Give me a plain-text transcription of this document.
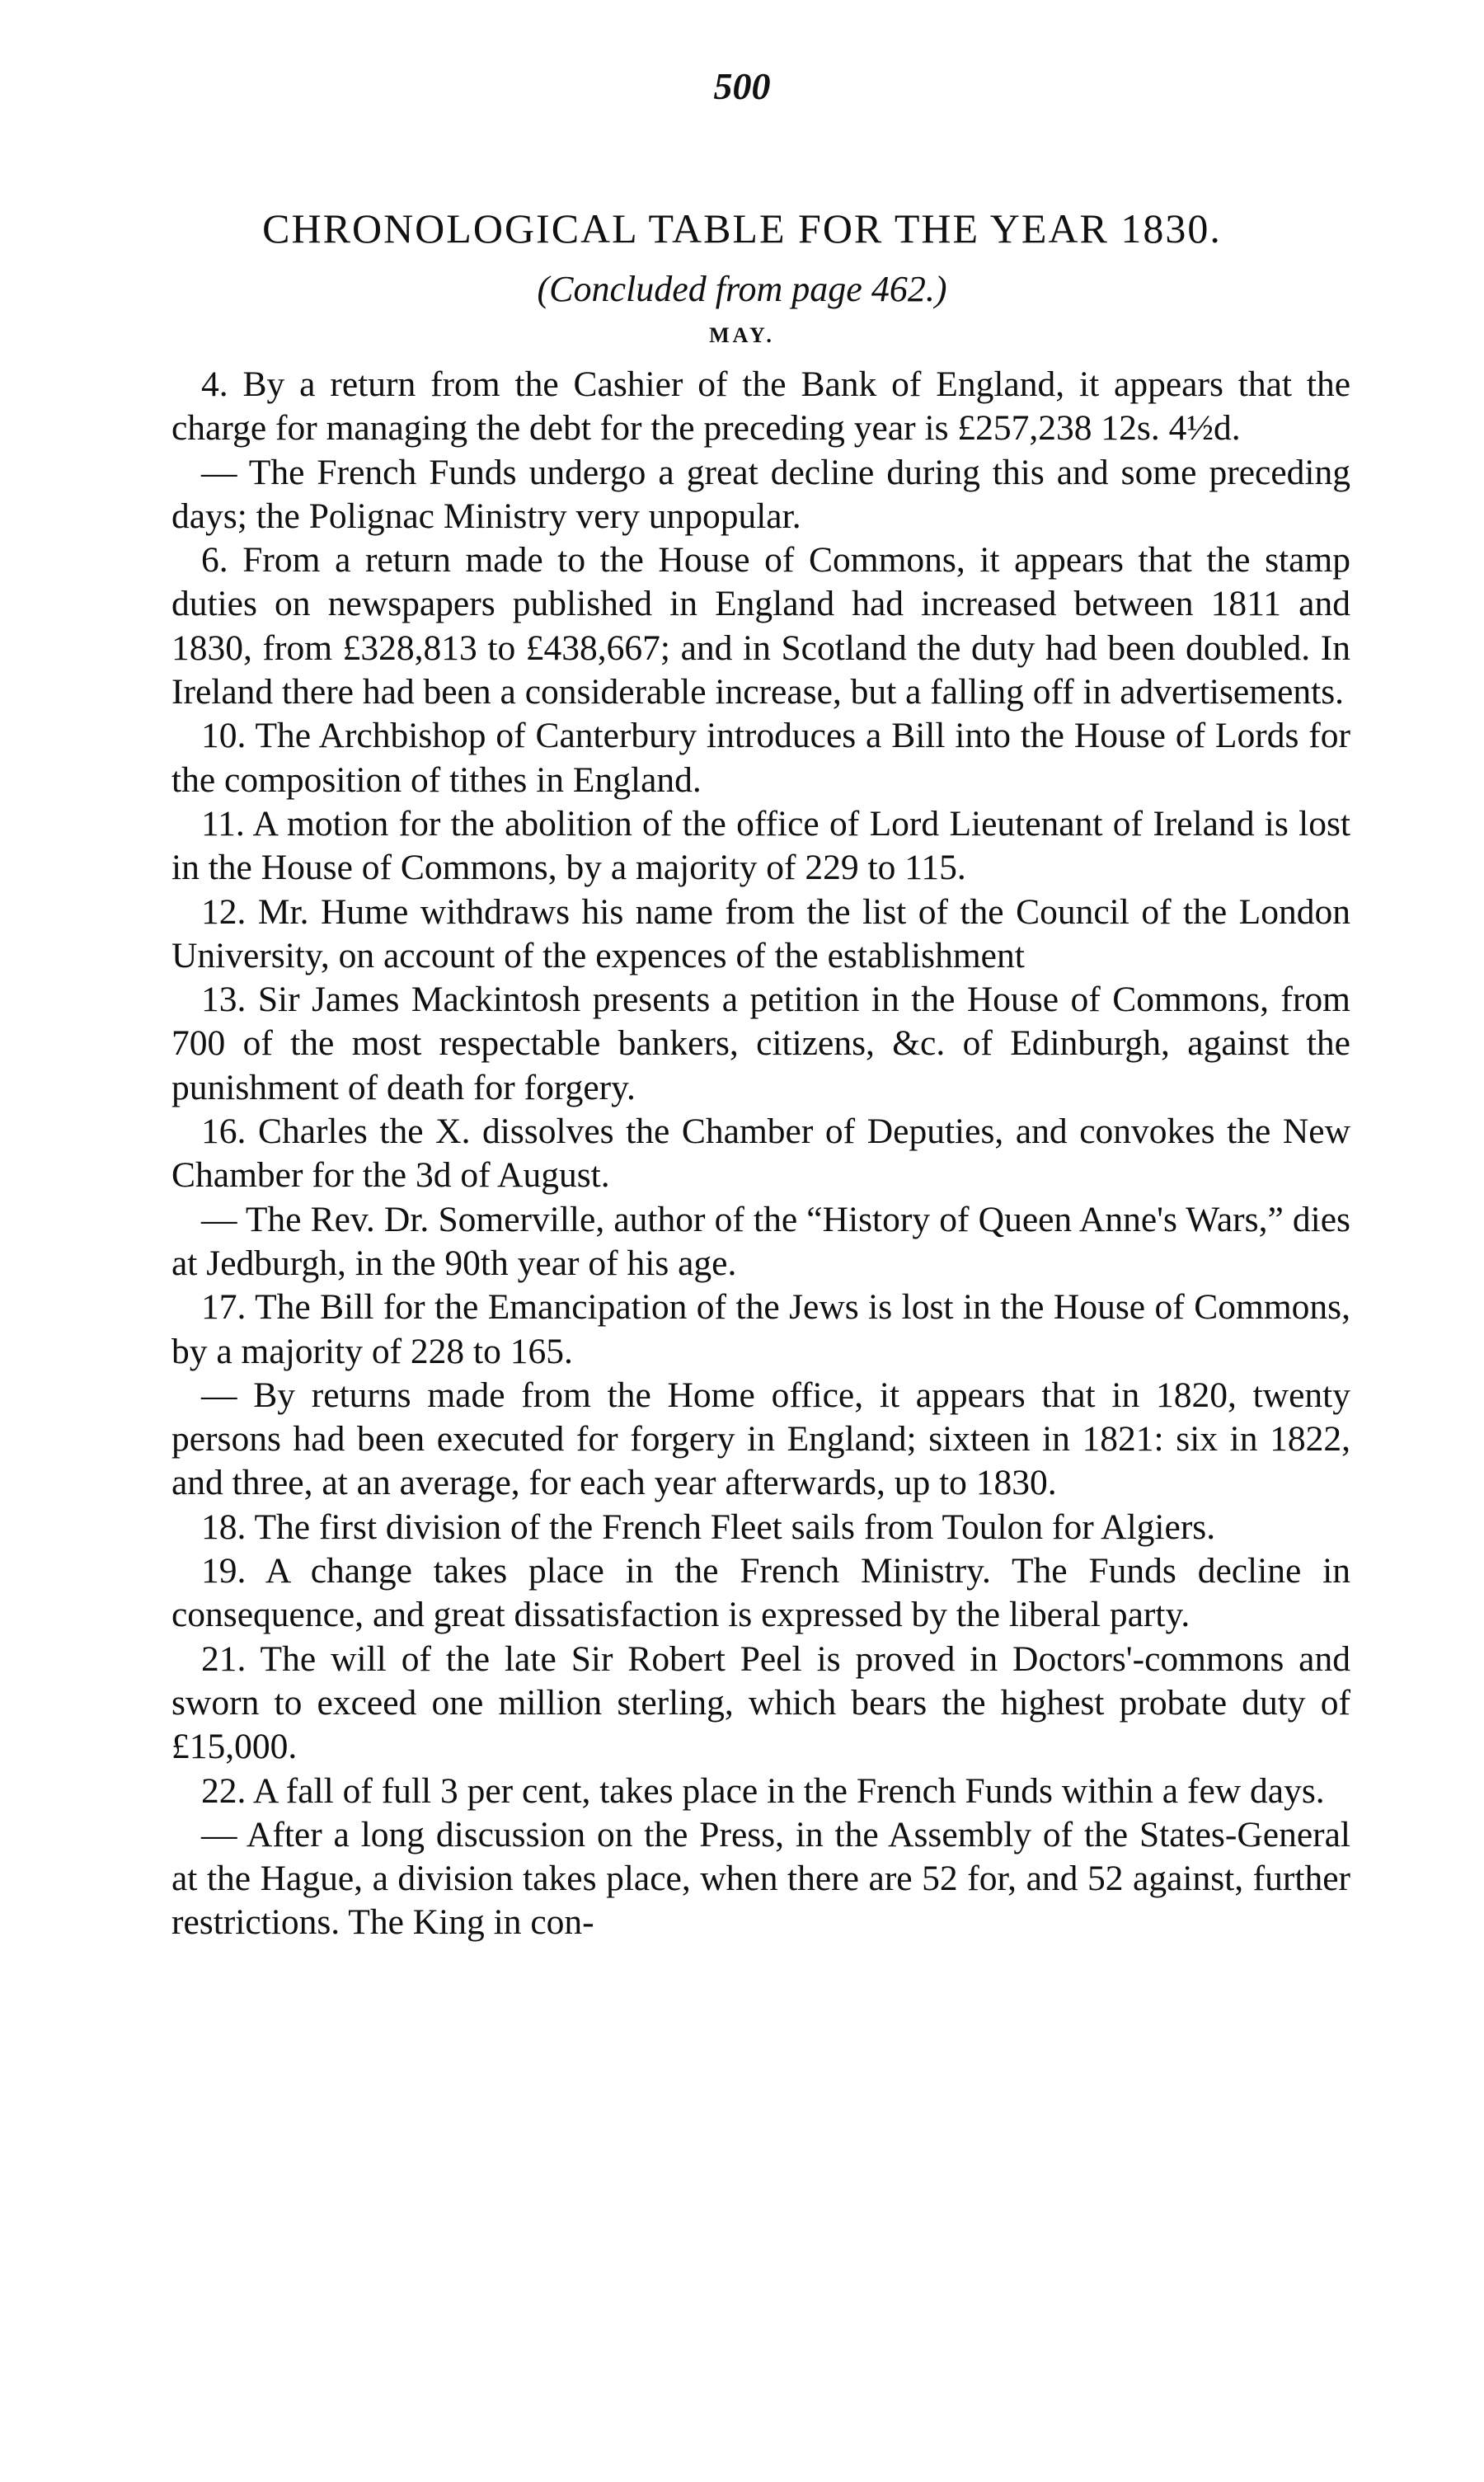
500
CHRONOLOGICAL TABLE FOR THE YEAR 1830.
(Concluded from page 462.)
MAY.

4. By a return from the Cashier of the Bank of England, it appears that the charge for managing the debt for the preceding year is £257,238 12s. 4½d.

— The French Funds undergo a great decline during this and some preceding days; the Polignac Ministry very unpopular.

6. From a return made to the House of Commons, it appears that the stamp duties on newspapers published in England had increased between 1811 and 1830, from £328,813 to £438,667; and in Scotland the duty had been doubled. In Ireland there had been a considerable increase, but a falling off in advertisements.

10. The Archbishop of Canterbury introduces a Bill into the House of Lords for the composition of tithes in England.

11. A motion for the abolition of the office of Lord Lieutenant of Ireland is lost in the House of Commons, by a majority of 229 to 115.

12. Mr. Hume withdraws his name from the list of the Council of the London University, on account of the expences of the establishment

13. Sir James Mackintosh presents a petition in the House of Commons, from 700 of the most respectable bankers, citizens, &c. of Edinburgh, against the punishment of death for forgery.

16. Charles the X. dissolves the Chamber of Deputies, and convokes the New Chamber for the 3d of August.

— The Rev. Dr. Somerville, author of the “History of Queen Anne's Wars,” dies at Jedburgh, in the 90th year of his age.

17. The Bill for the Emancipation of the Jews is lost in the House of Commons, by a majority of 228 to 165.

— By returns made from the Home office, it appears that in 1820, twenty persons had been executed for forgery in England; sixteen in 1821: six in 1822, and three, at an average, for each year afterwards, up to 1830.

18. The first division of the French Fleet sails from Toulon for Algiers.

19. A change takes place in the French Ministry. The Funds decline in consequence, and great dissatisfaction is expressed by the liberal party.

21. The will of the late Sir Robert Peel is proved in Doctors'-commons and sworn to exceed one million sterling, which bears the highest probate duty of £15,000.

22. A fall of full 3 per cent, takes place in the French Funds within a few days.

— After a long discussion on the Press, in the Assembly of the States-General at the Hague, a division takes place, when there are 52 for, and 52 against, further restrictions. The King in con-
